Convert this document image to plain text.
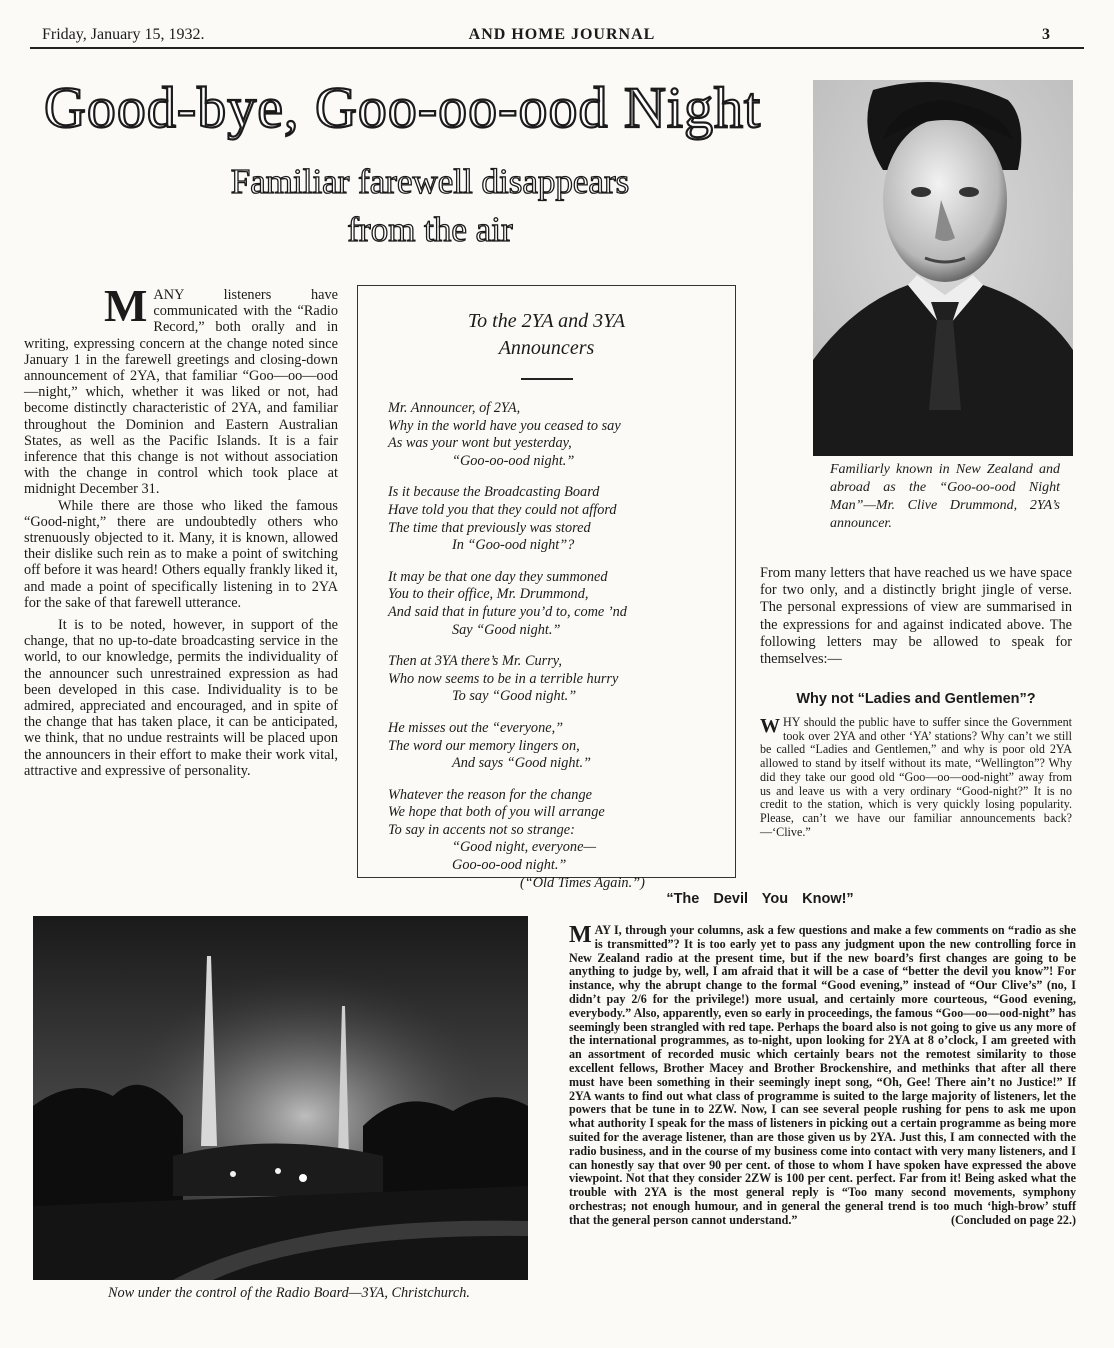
Friday, January 15, 1932.	AND HOME JOURNAL	3
Good-bye, Goo-oo-ood Night
Familiar farewell disappears
from the air
Familiarly known in New Zealand and abroad as the “Goo-oo-ood Night Man”—Mr. Clive Drummond, 2YA’s announcer.

MANY listeners have communicated with the “Radio Record,” both orally and in writing, expressing concern at the change noted since January 1 in the farewell greetings and closing-down announcement of 2YA, that familiar “Goo—oo—ood—night,” which, whether it was liked or not, had become distinctly characteristic of 2YA, and familiar throughout the Dominion and Eastern Australian States, as well as the Pacific Islands. It is a fair inference that this change is not without association with the change in control which took place at midnight December 31.

While there are those who liked the famous “Good-night,” there are undoubtedly others who strenuously objected to it. Many, it is known, allowed their dislike such rein as to make a point of switching off before it was heard! Others equally frankly liked it, and made a point of specifically listening in to 2YA for the sake of that farewell utterance.

It is to be noted, however, in support of the change, that no up-to-date broadcasting service in the world, to our knowledge, permits the individuality of the announcer such unrestrained expression as had been developed in this case. Individuality is to be admired, appreciated and encouraged, and in spite of the change that has taken place, it can be anticipated, we think, that no undue restraints will be placed upon the announcers in their effort to make their work vital, attractive and expressive of personality.

To the 2YA and 3YA
Announcers
Mr. Announcer, of 2YA,
Why in the world have you ceased to say
As was your wont but yesterday,
“Goo-oo-ood night.”
Is it because the Broadcasting Board
Have told you that they could not afford
The time that previously was stored
In “Goo-ood night”?
It may be that one day they summoned
You to their office, Mr. Drummond,
And said that in future you’d to, come ’nd
Say “Good night.”
Then at 3YA there’s Mr. Curry,
Who now seems to be in a terrible hurry
To say “Good night.”
He misses out the “everyone,”
The word our memory lingers on,
And says “Good night.”
Whatever the reason for the change
We hope that both of you will arrange
To say in accents not so strange:
“Good night, everyone—
Goo-oo-ood night.”
(“Old Times Again.”)
From many letters that have reached us we have space for two only, and a distinctly bright jingle of verse. The personal expressions of view are summarised in the expressions for and against indicated above. The following letters may be allowed to speak for themselves:—
Why not “Ladies and Gentlemen”?
WHY should the public have to suffer since the Government took over 2YA and other ‘YA’ stations? Why can’t we still be called “Ladies and Gentlemen,” and why is poor old 2YA allowed to stand by itself without its mate, “Wellington”? Why did they take our good old “Goo—oo—ood-night” away from us and leave us with a very ordinary “Good-night?” It is no credit to the station, which is very quickly losing popularity. Please, can’t we have our familiar announcements back?—‘Clive.”
“The Devil You Know!”
MAY I, through your columns, ask a few questions and make a few comments on “radio as she is transmitted”? It is too early yet to pass any judgment upon the new controlling force in New Zealand radio at the present time, but if the new board’s first changes are going to be anything to judge by, well, I am afraid that it will be a case of “better the devil you know”! For instance, why the abrupt change to the formal “Good evening,” instead of “Our Clive’s” (no, I didn’t pay 2/6 for the privilege!) more usual, and certainly more courteous, “Good evening, everybody.” Also, apparently, even so early in proceedings, the famous “Goo—oo—ood-night” has seemingly been strangled with red tape. Perhaps the board also is not going to give us any more of the international programmes, as to-night, upon looking for 2YA at 8 o’clock, I am greeted with an assortment of recorded music which certainly bears not the remotest similarity to those excellent fellows, Brother Macey and Brother Brockenshire, and methinks that after all there must have been something in their seemingly inept song, “Oh, Gee! There ain’t no Justice!” If 2YA wants to find out what class of programme is suited to the large majority of listeners, let the powers that be tune in to 2ZW. Now, I can see several people rushing for pens to ask me upon what authority I speak for the mass of listeners in picking out a certain programme as being more suited for the average listener, than are those given us by 2YA. Just this, I am connected with the radio business, and in the course of my business come into contact with very many listeners, and I can honestly say that over 90 per cent. of those to whom I have spoken have expressed the above viewpoint. Not that they consider 2ZW is 100 per cent. perfect. Far from it! Being asked what the trouble with 2YA is the most general reply is “Too many second movements, symphony orchestras; not enough humour, and in general the general trend is too much ‘high-brow’ stuff that the general person cannot understand.”	(Concluded on page 22.)
Now under the control of the Radio Board—3YA, Christchurch.
